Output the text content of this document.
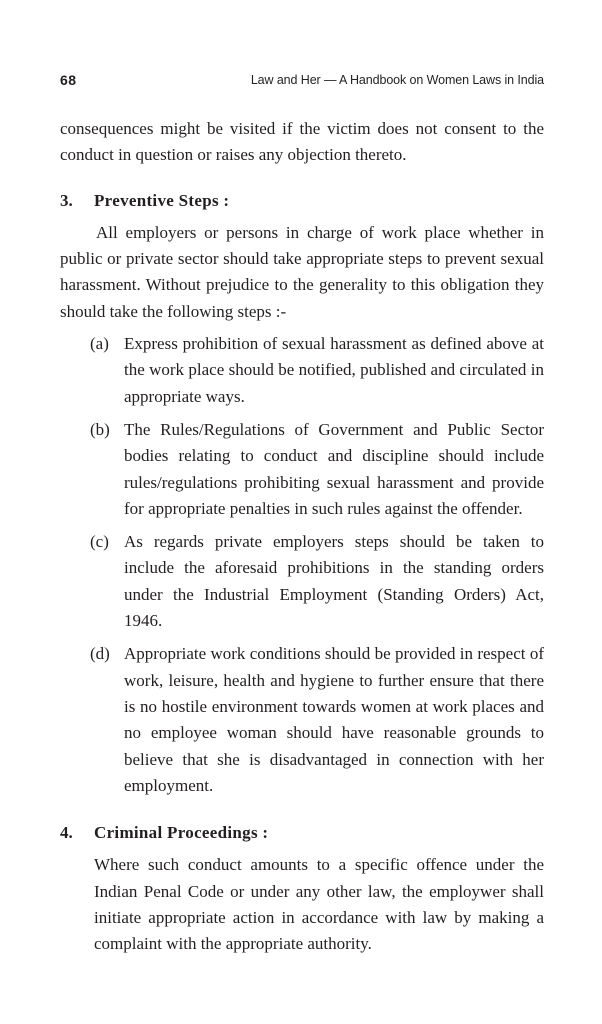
68	Law and Her — A Handbook on Women Laws in India

consequences might be visited if the victim does not consent to the conduct in question or raises any objection thereto.

3.	Preventive Steps :

All employers or persons in charge of work place whether in public or private sector should take appropriate steps to prevent sexual harassment. Without prejudice to the generality to this obligation they should take the following steps :-

(a) Express prohibition of sexual harassment as defined above at the work place should be notified, published and circulated in appropriate ways.
(b) The Rules/Regulations of Government and Public Sector bodies relating to conduct and discipline should include rules/regulations prohibiting sexual harassment and provide for appropriate penalties in such rules against the offender.
(c) As regards private employers steps should be taken to include the aforesaid prohibitions in the standing orders under the Industrial Employment (Standing Orders) Act, 1946.
(d) Appropriate work conditions should be provided in respect of work, leisure, health and hygiene to further ensure that there is no hostile environment towards women at work places and no employee woman should have reasonable grounds to believe that she is disadvantaged in connection with her employment.
4.	Criminal Proceedings :

Where such conduct amounts to a specific offence under the Indian Penal Code or under any other law, the employwer shall initiate appropriate action in accordance with law by making a complaint with the appropriate authority.
